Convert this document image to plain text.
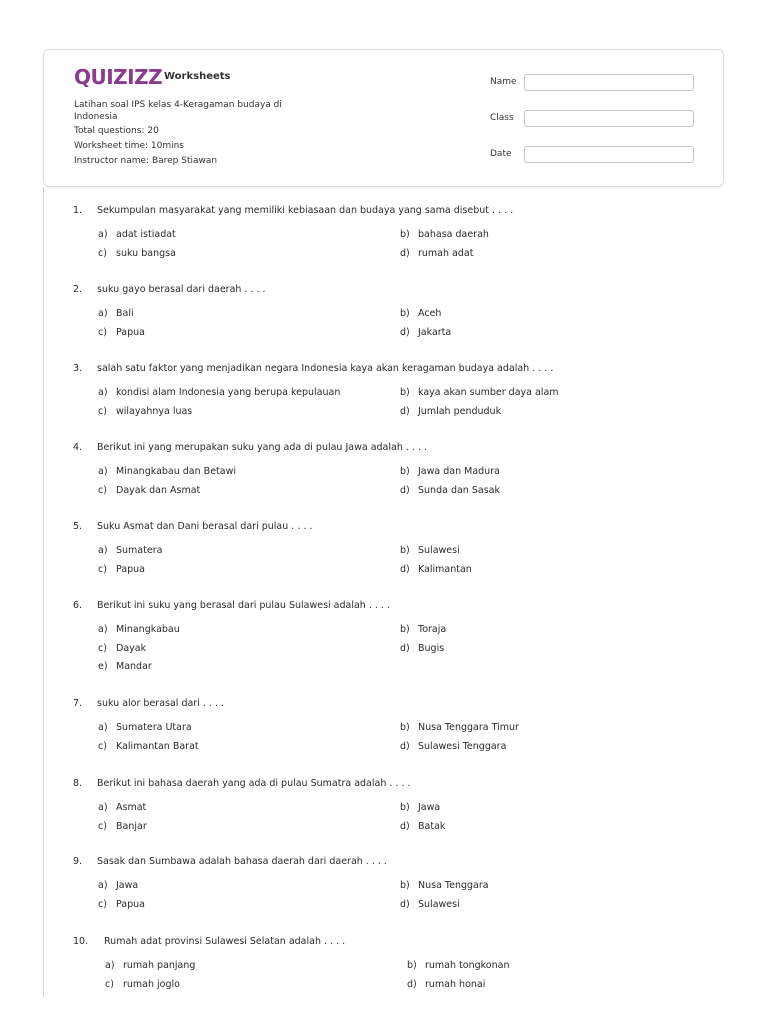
QUIZIZZ Worksheets
Latihan soal IPS kelas 4-Keragaman budaya di Indonesia
Total questions: 20
Worksheet time: 10mins
Instructor name: Barep Stiawan
Name
Class
Date
1. Sekumpulan masyarakat yang memiliki kebiasaan dan budaya yang sama disebut . . . .
a) adat istiadat	b) bahasa daerah
c) suku bangsa	d) rumah adat
2. suku gayo berasal dari daerah . . . .
a) Bali	b) Aceh
c) Papua	d) Jakarta
3. salah satu faktor yang menjadikan negara Indonesia kaya akan keragaman budaya adalah . . . .
a) kondisi alam Indonesia yang berupa kepulauan	b) kaya akan sumber daya alam
c) wilayahnya luas	d) Jumlah penduduk
4. Berikut ini yang merupakan suku yang ada di pulau Jawa adalah . . . .
a) Minangkabau dan Betawi	b) Jawa dan Madura
c) Dayak dan Asmat	d) Sunda dan Sasak
5. Suku Asmat dan Dani berasal dari pulau . . . .
a) Sumatera	b) Sulawesi
c) Papua	d) Kalimantan
6. Berikut ini suku yang berasal dari pulau Sulawesi adalah . . . .
a) Minangkabau	b) Toraja
c) Dayak	d) Bugis
e) Mandar
7. suku alor berasal dari . . . .
a) Sumatera Utara	b) Nusa Tenggara Timur
c) Kalimantan Barat	d) Sulawesi Tenggara
8. Berikut ini bahasa daerah yang ada di pulau Sumatra adalah . . . .
a) Asmat	b) Jawa
c) Banjar	d) Batak
9. Sasak dan Sumbawa adalah bahasa daerah dari daerah . . . .
a) Jawa	b) Nusa Tenggara
c) Papua	d) Sulawesi
10. Rumah adat provinsi Sulawesi Selatan adalah . . . .
a) rumah panjang	b) rumah tongkonan
c) rumah joglo	d) rumah honai
